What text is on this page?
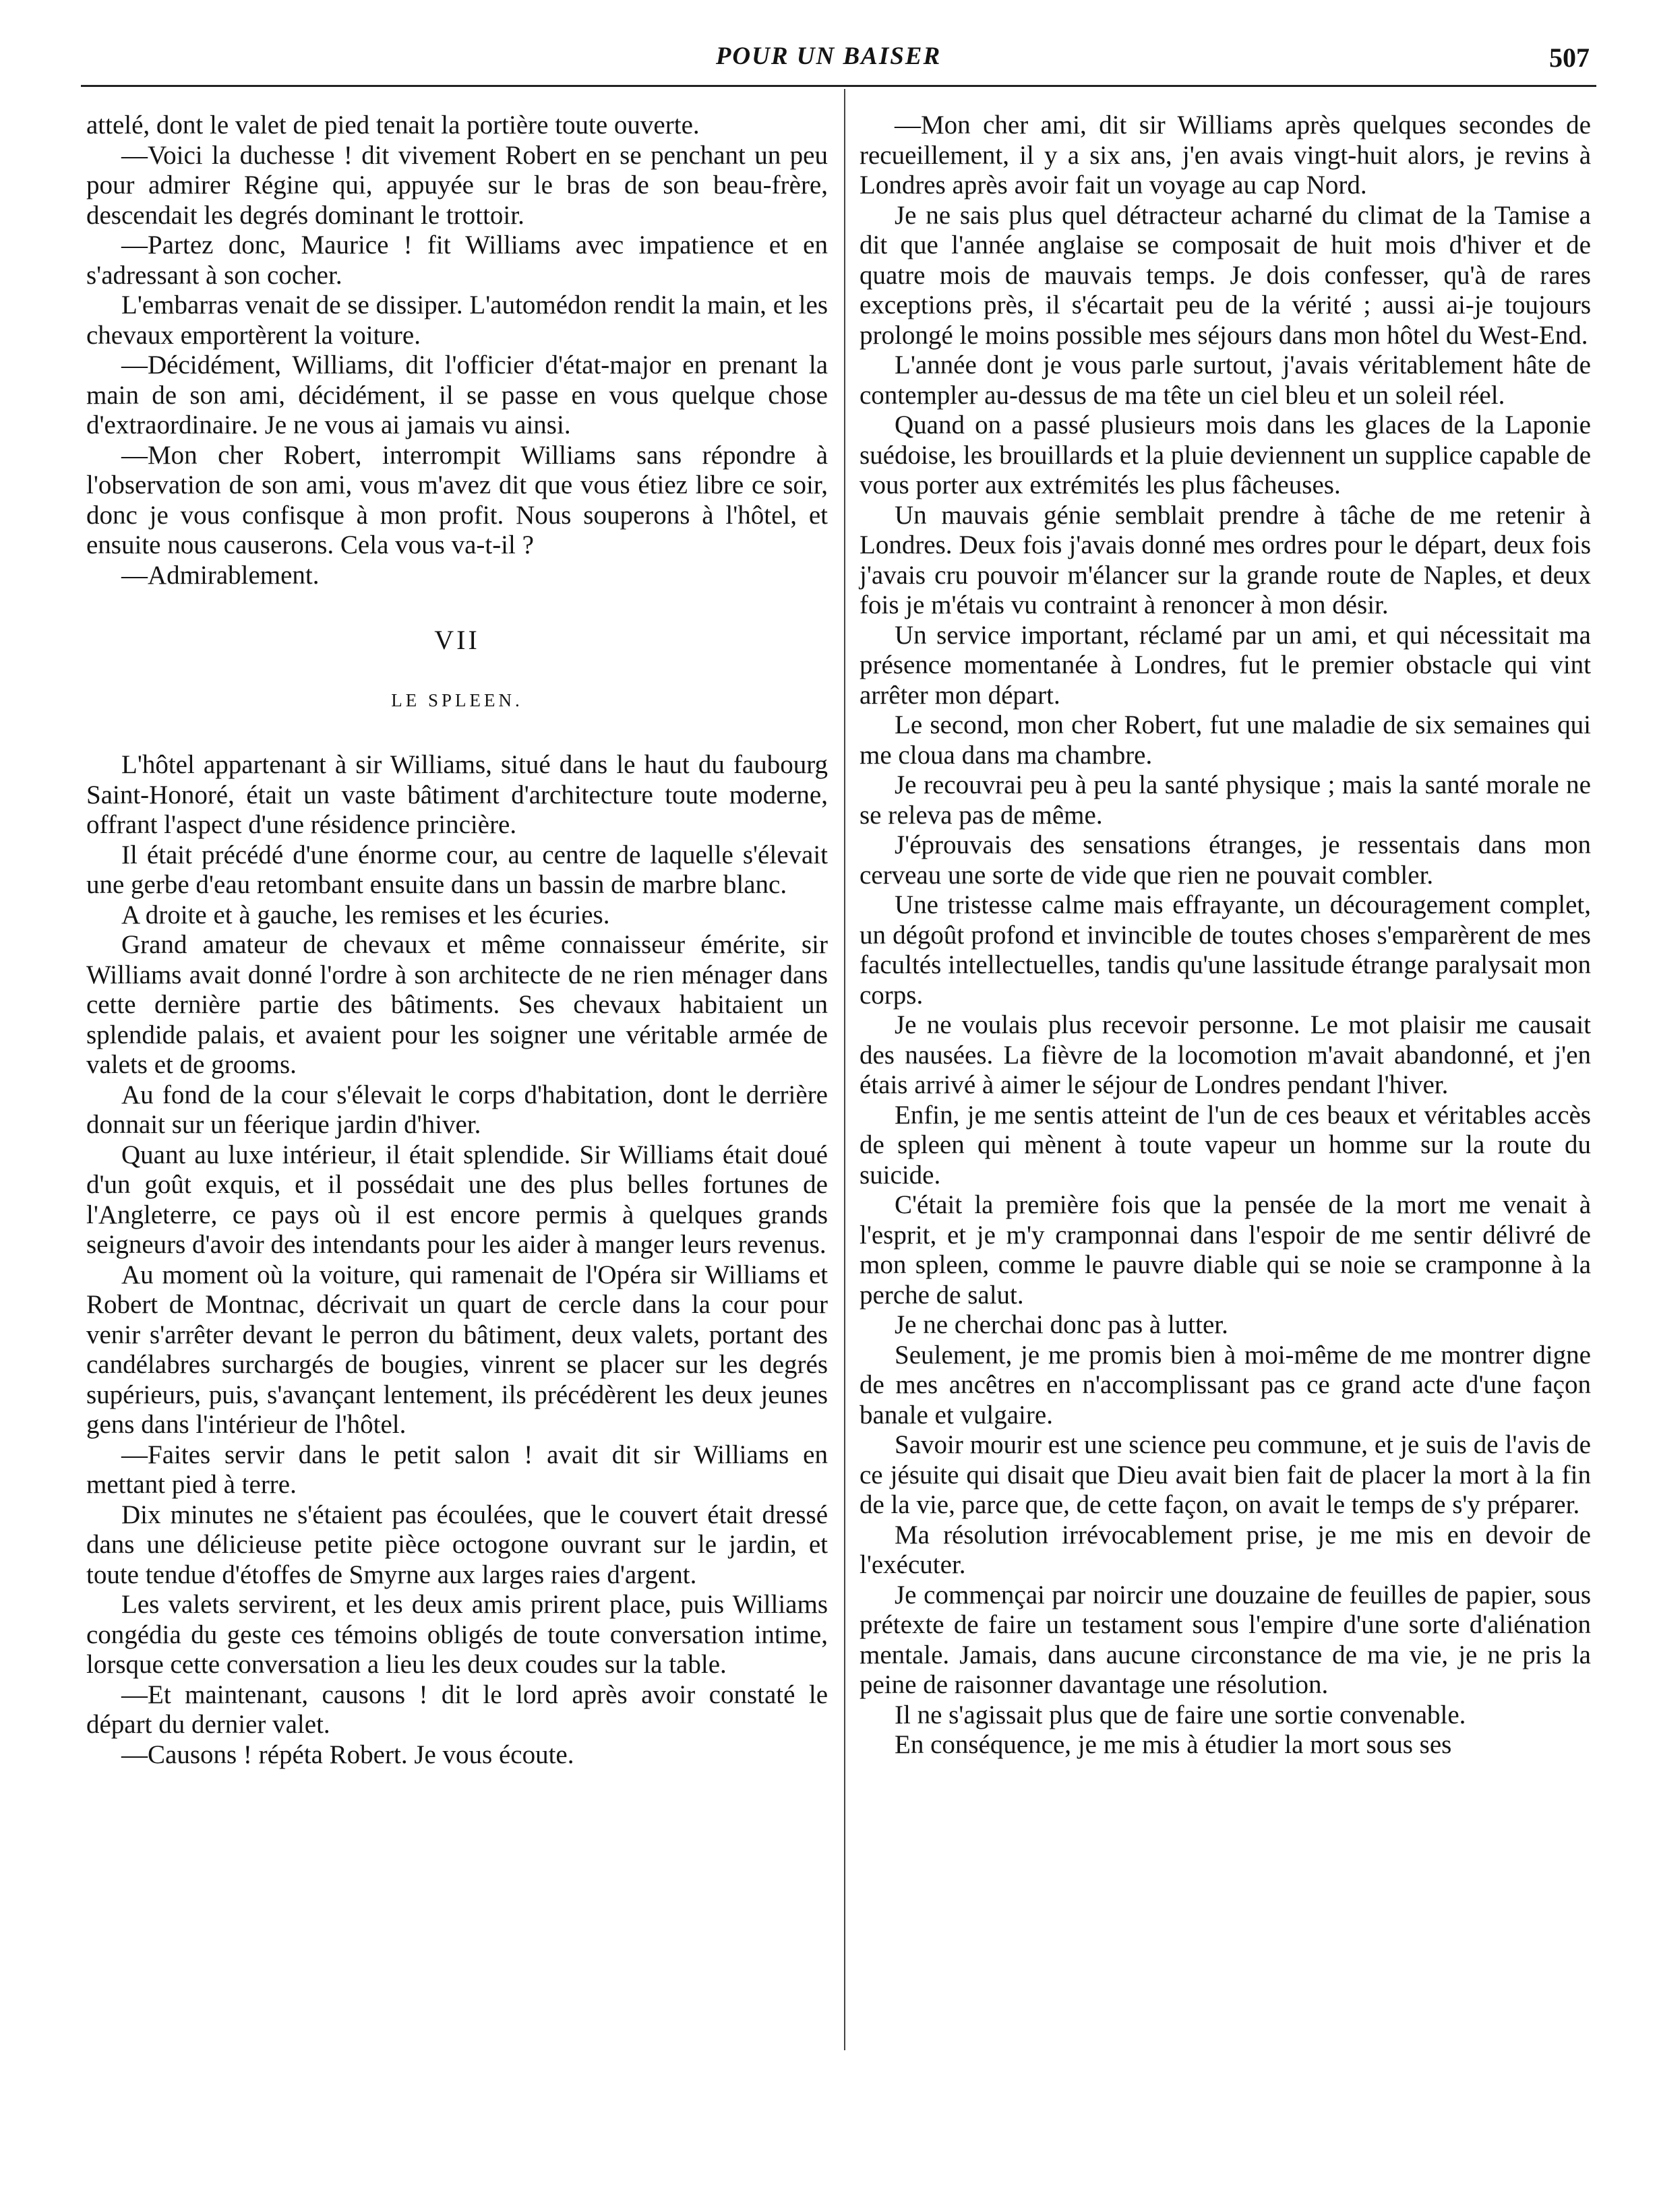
POUR UN BAISER	507

attelé, dont le valet de pied tenait la portière toute ouverte.

—Voici la duchesse ! dit vivement Robert en se penchant un peu pour admirer Régine qui, appuyée sur le bras de son beau-frère, descendait les degrés dominant le trottoir.

—Partez donc, Maurice ! fit Williams avec impatience et en s'adressant à son cocher.

L'embarras venait de se dissiper. L'automédon rendit la main, et les chevaux emportèrent la voiture.

—Décidément, Williams, dit l'officier d'état-major en prenant la main de son ami, décidément, il se passe en vous quelque chose d'extraordinaire. Je ne vous ai jamais vu ainsi.

—Mon cher Robert, interrompit Williams sans répondre à l'observation de son ami, vous m'avez dit que vous étiez libre ce soir, donc je vous confisque à mon profit. Nous souperons à l'hôtel, et ensuite nous causerons. Cela vous va-t-il ?

—Admirablement.

VII
LE SPLEEN.

L'hôtel appartenant à sir Williams, situé dans le haut du faubourg Saint-Honoré, était un vaste bâtiment d'architecture toute moderne, offrant l'aspect d'une résidence princière.

Il était précédé d'une énorme cour, au centre de laquelle s'élevait une gerbe d'eau retombant ensuite dans un bassin de marbre blanc.

A droite et à gauche, les remises et les écuries.

Grand amateur de chevaux et même connaisseur émérite, sir Williams avait donné l'ordre à son architecte de ne rien ménager dans cette dernière partie des bâtiments. Ses chevaux habitaient un splendide palais, et avaient pour les soigner une véritable armée de valets et de grooms.

Au fond de la cour s'élevait le corps d'habitation, dont le derrière donnait sur un féerique jardin d'hiver.

Quant au luxe intérieur, il était splendide. Sir Williams était doué d'un goût exquis, et il possédait une des plus belles fortunes de l'Angleterre, ce pays où il est encore permis à quelques grands seigneurs d'avoir des intendants pour les aider à manger leurs revenus.

Au moment où la voiture, qui ramenait de l'Opéra sir Williams et Robert de Montnac, décrivait un quart de cercle dans la cour pour venir s'arrêter devant le perron du bâtiment, deux valets, portant des candélabres surchargés de bougies, vinrent se placer sur les degrés supérieurs, puis, s'avançant lentement, ils précédèrent les deux jeunes gens dans l'intérieur de l'hôtel.

—Faites servir dans le petit salon ! avait dit sir Williams en mettant pied à terre.

Dix minutes ne s'étaient pas écoulées, que le couvert était dressé dans une délicieuse petite pièce octogone ouvrant sur le jardin, et toute tendue d'étoffes de Smyrne aux larges raies d'argent.

Les valets servirent, et les deux amis prirent place, puis Williams congédia du geste ces témoins obligés de toute conversation intime, lorsque cette conversation a lieu les deux coudes sur la table.

—Et maintenant, causons ! dit le lord après avoir constaté le départ du dernier valet.

—Causons ! répéta Robert. Je vous écoute.

—Mon cher ami, dit sir Williams après quelques secondes de recueillement, il y a six ans, j'en avais vingt-huit alors, je revins à Londres après avoir fait un voyage au cap Nord.

Je ne sais plus quel détracteur acharné du climat de la Tamise a dit que l'année anglaise se composait de huit mois d'hiver et de quatre mois de mauvais temps. Je dois confesser, qu'à de rares exceptions près, il s'écartait peu de la vérité ; aussi ai-je toujours prolongé le moins possible mes séjours dans mon hôtel du West-End.

L'année dont je vous parle surtout, j'avais véritablement hâte de contempler au-dessus de ma tête un ciel bleu et un soleil réel.

Quand on a passé plusieurs mois dans les glaces de la Laponie suédoise, les brouillards et la pluie deviennent un supplice capable de vous porter aux extrémités les plus fâcheuses.

Un mauvais génie semblait prendre à tâche de me retenir à Londres. Deux fois j'avais donné mes ordres pour le départ, deux fois j'avais cru pouvoir m'élancer sur la grande route de Naples, et deux fois je m'étais vu contraint à renoncer à mon désir.

Un service important, réclamé par un ami, et qui nécessitait ma présence momentanée à Londres, fut le premier obstacle qui vint arrêter mon départ.

Le second, mon cher Robert, fut une maladie de six semaines qui me cloua dans ma chambre.

Je recouvrai peu à peu la santé physique ; mais la santé morale ne se releva pas de même.

J'éprouvais des sensations étranges, je ressentais dans mon cerveau une sorte de vide que rien ne pouvait combler.

Une tristesse calme mais effrayante, un découragement complet, un dégoût profond et invincible de toutes choses s'emparèrent de mes facultés intellectuelles, tandis qu'une lassitude étrange paralysait mon corps.

Je ne voulais plus recevoir personne. Le mot plaisir me causait des nausées. La fièvre de la locomotion m'avait abandonné, et j'en étais arrivé à aimer le séjour de Londres pendant l'hiver.

Enfin, je me sentis atteint de l'un de ces beaux et véritables accès de spleen qui mènent à toute vapeur un homme sur la route du suicide.

C'était la première fois que la pensée de la mort me venait à l'esprit, et je m'y cramponnai dans l'espoir de me sentir délivré de mon spleen, comme le pauvre diable qui se noie se cramponne à la perche de salut.

Je ne cherchai donc pas à lutter.

Seulement, je me promis bien à moi-même de me montrer digne de mes ancêtres en n'accomplissant pas ce grand acte d'une façon banale et vulgaire.

Savoir mourir est une science peu commune, et je suis de l'avis de ce jésuite qui disait que Dieu avait bien fait de placer la mort à la fin de la vie, parce que, de cette façon, on avait le temps de s'y préparer.

Ma résolution irrévocablement prise, je me mis en devoir de l'exécuter.

Je commençai par noircir une douzaine de feuilles de papier, sous prétexte de faire un testament sous l'empire d'une sorte d'aliénation mentale. Jamais, dans aucune circonstance de ma vie, je ne pris la peine de raisonner davantage une résolution.

Il ne s'agissait plus que de faire une sortie convenable.

En conséquence, je me mis à étudier la mort sous ses
